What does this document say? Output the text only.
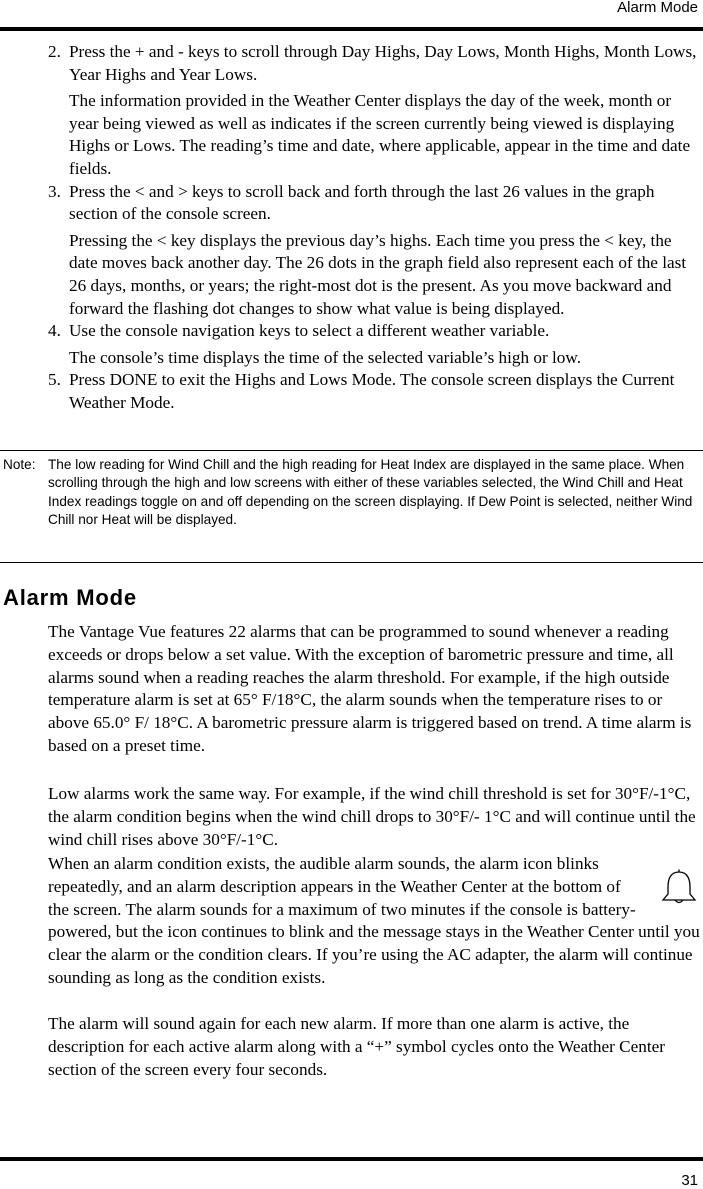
Alarm Mode
2. Press the + and - keys to scroll through Day Highs, Day Lows, Month Highs, Month Lows, Year Highs and Year Lows.

The information provided in the Weather Center displays the day of the week, month or year being viewed as well as indicates if the screen currently being viewed is displaying Highs or Lows. The reading’s time and date, where applicable, appear in the time and date fields.

3. Press the < and > keys to scroll back and forth through the last 26 values in the graph section of the console screen.

Pressing the < key displays the previous day’s highs. Each time you press the < key, the date moves back another day. The 26 dots in the graph field also represent each of the last 26 days, months, or years; the right-most dot is the present. As you move backward and forward the flashing dot changes to show what value is being displayed.

4. Use the console navigation keys to select a different weather variable.

The console’s time displays the time of the selected variable’s high or low.

5. Press DONE to exit the Highs and Lows Mode. The console screen displays the Current Weather Mode.

Note: The low reading for Wind Chill and the high reading for Heat Index are displayed in the same place. When scrolling through the high and low screens with either of these variables selected, the Wind Chill and Heat Index readings toggle on and off depending on the screen displaying. If Dew Point is selected, neither Wind Chill nor Heat will be displayed.

Alarm Mode

The Vantage Vue features 22 alarms that can be programmed to sound whenever a reading exceeds or drops below a set value. With the exception of barometric pressure and time, all alarms sound when a reading reaches the alarm threshold. For example, if the high outside temperature alarm is set at 65° F/18°C, the alarm sounds when the temperature rises to or above 65.0° F/ 18°C. A barometric pressure alarm is triggered based on trend. A time alarm is based on a preset time.

Low alarms work the same way. For example, if the wind chill threshold is set for 30°F/-1°C, the alarm condition begins when the wind chill drops to 30°F/- 1°C and will continue until the wind chill rises above 30°F/-1°C.

When an alarm condition exists, the audible alarm sounds, the alarm icon blinks repeatedly, and an alarm description appears in the Weather Center at the bottom of the screen. The alarm sounds for a maximum of two minutes if the console is battery-powered, but the icon continues to blink and the message stays in the Weather Center until you clear the alarm or the condition clears. If you’re using the AC adapter, the alarm will continue sounding as long as the condition exists.

The alarm will sound again for each new alarm. If more than one alarm is active, the description for each active alarm along with a “+” symbol cycles onto the Weather Center section of the screen every four seconds.

31
